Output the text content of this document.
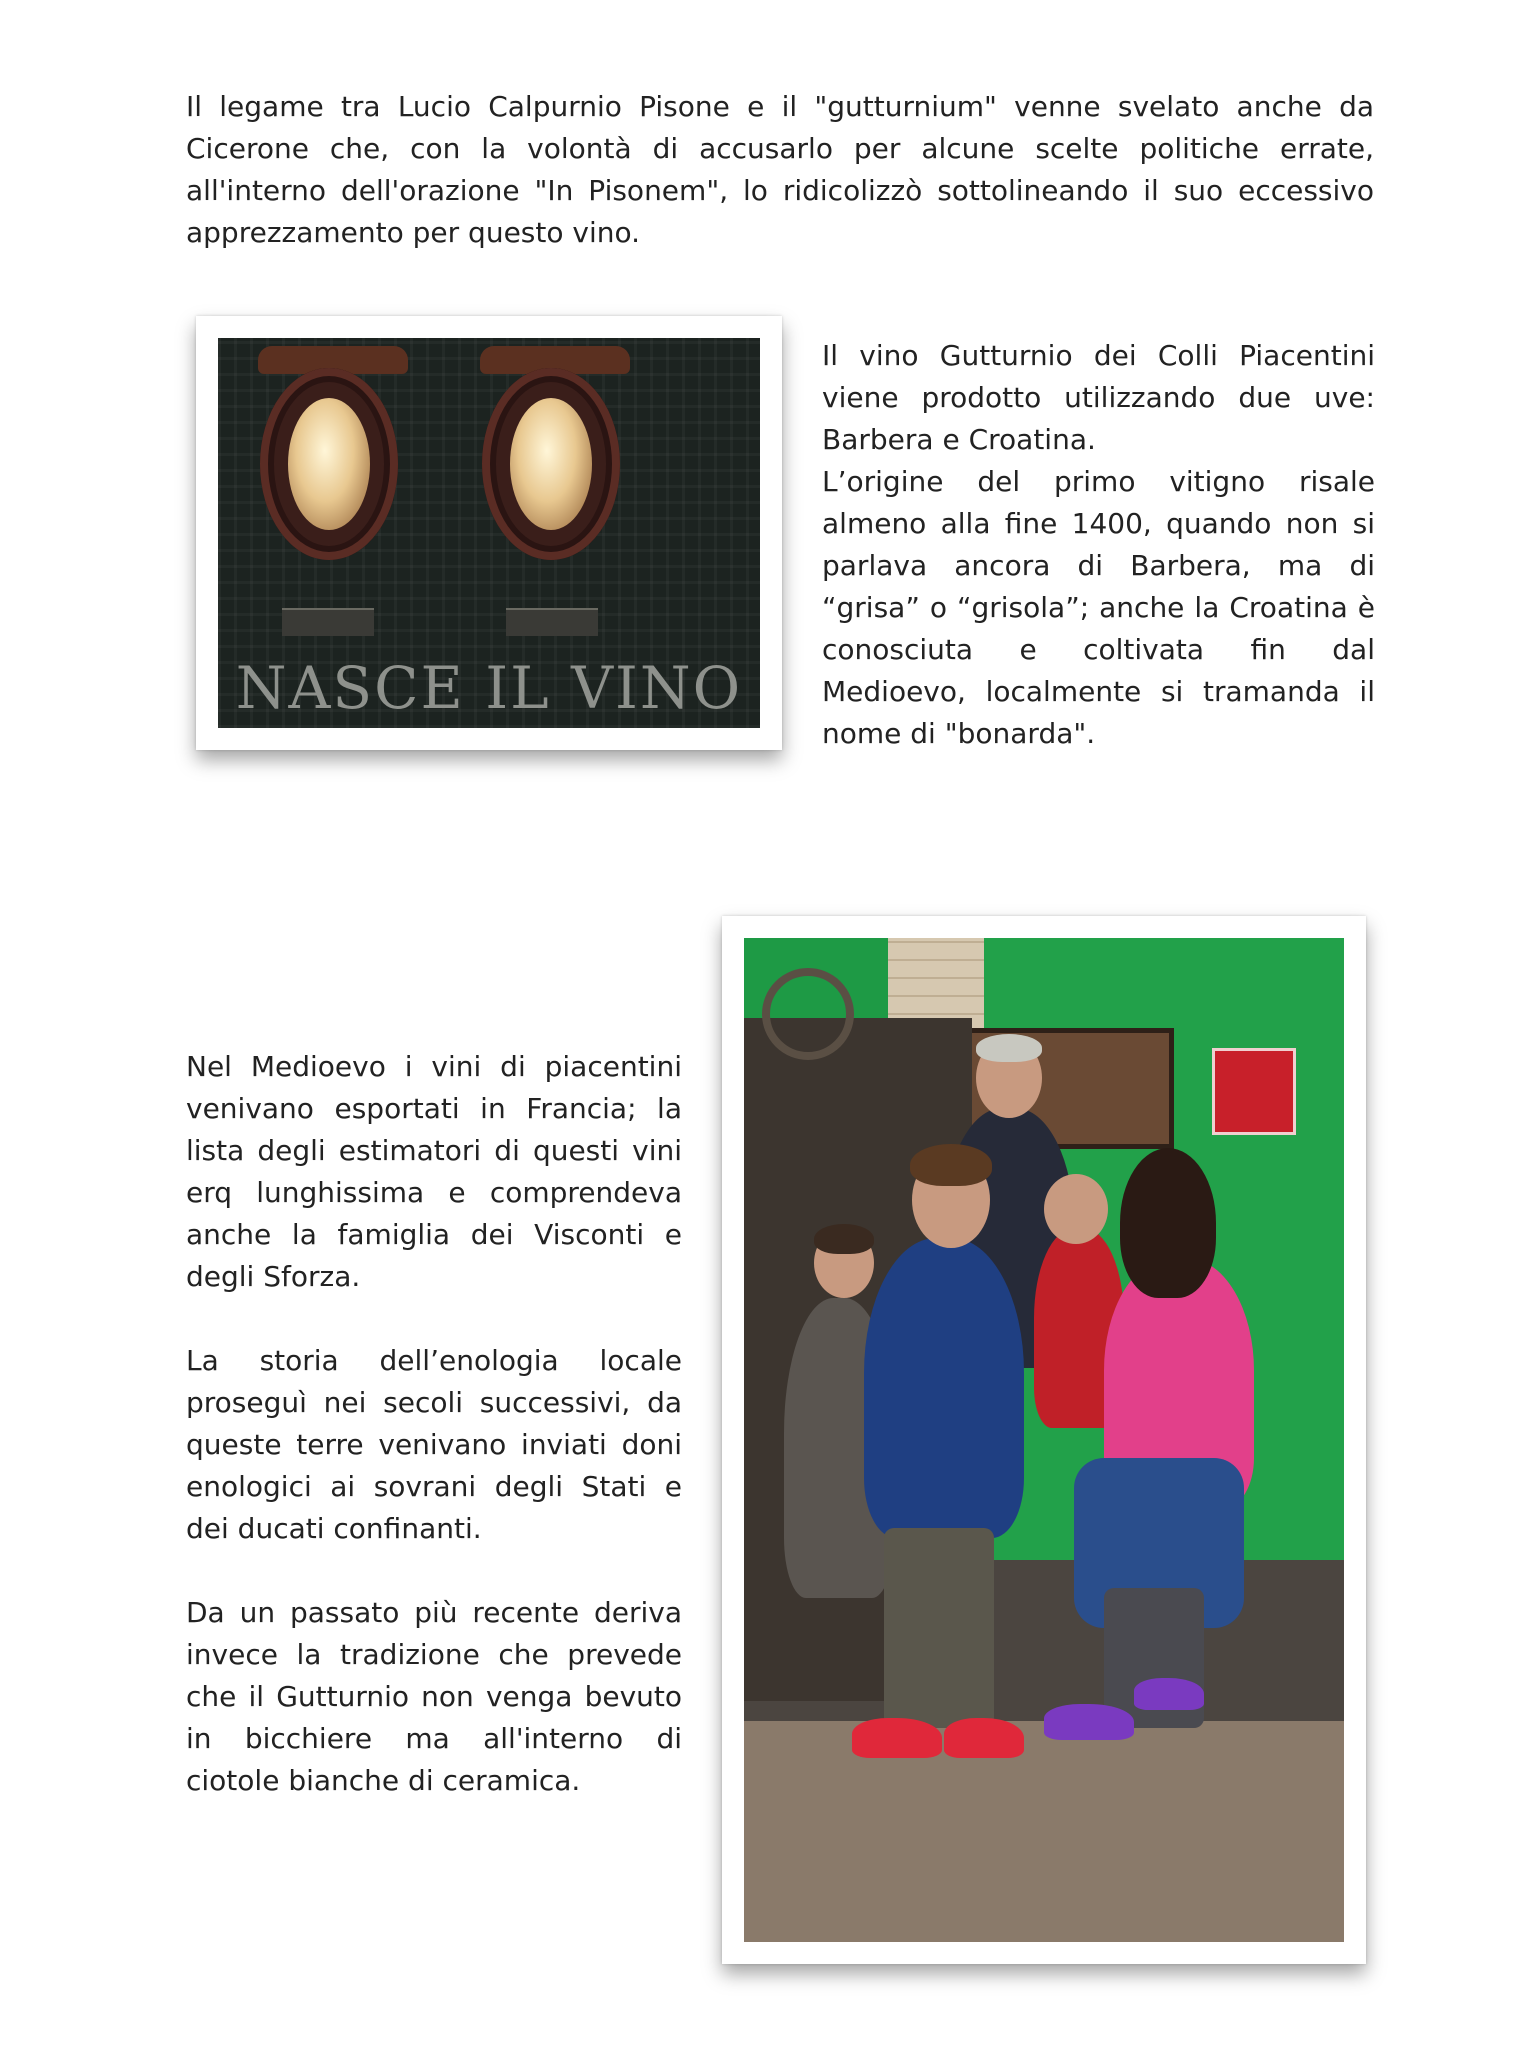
Il legame tra Lucio Calpurnio Pisone e il "gutturnium" venne svelato anche da Cicerone che, con la volontà di accusarlo per alcune scelte politiche errate, all'interno dell'orazione "In Pisonem", lo ridicolizzò sottolineando il suo eccessivo apprezzamento per questo vino.

NASCE IL VINO

Il vino Gutturnio dei Colli Piacentini viene prodotto utilizzando due uve: Barbera e Croatina.

L’origine del primo vitigno risale almeno alla fine 1400, quando non si parlava ancora di Barbera, ma di “grisa” o “grisola”; anche la Croatina è conosciuta e coltivata fin dal Medioevo, localmente si tramanda il nome di "bonarda".

Nel Medioevo i vini di piacentini venivano esportati in Francia; la lista degli estimatori di questi vini erq lunghissima e comprendeva anche la famiglia dei Visconti e degli Sforza.

La storia dell’enologia locale proseguì nei secoli successivi, da queste terre venivano inviati doni enologici ai sovrani degli Stati e dei ducati confinanti.

Da un passato più recente deriva invece la tradizione che prevede che il Gutturnio non venga bevuto in bicchiere ma all'interno di ciotole bianche di ceramica.
